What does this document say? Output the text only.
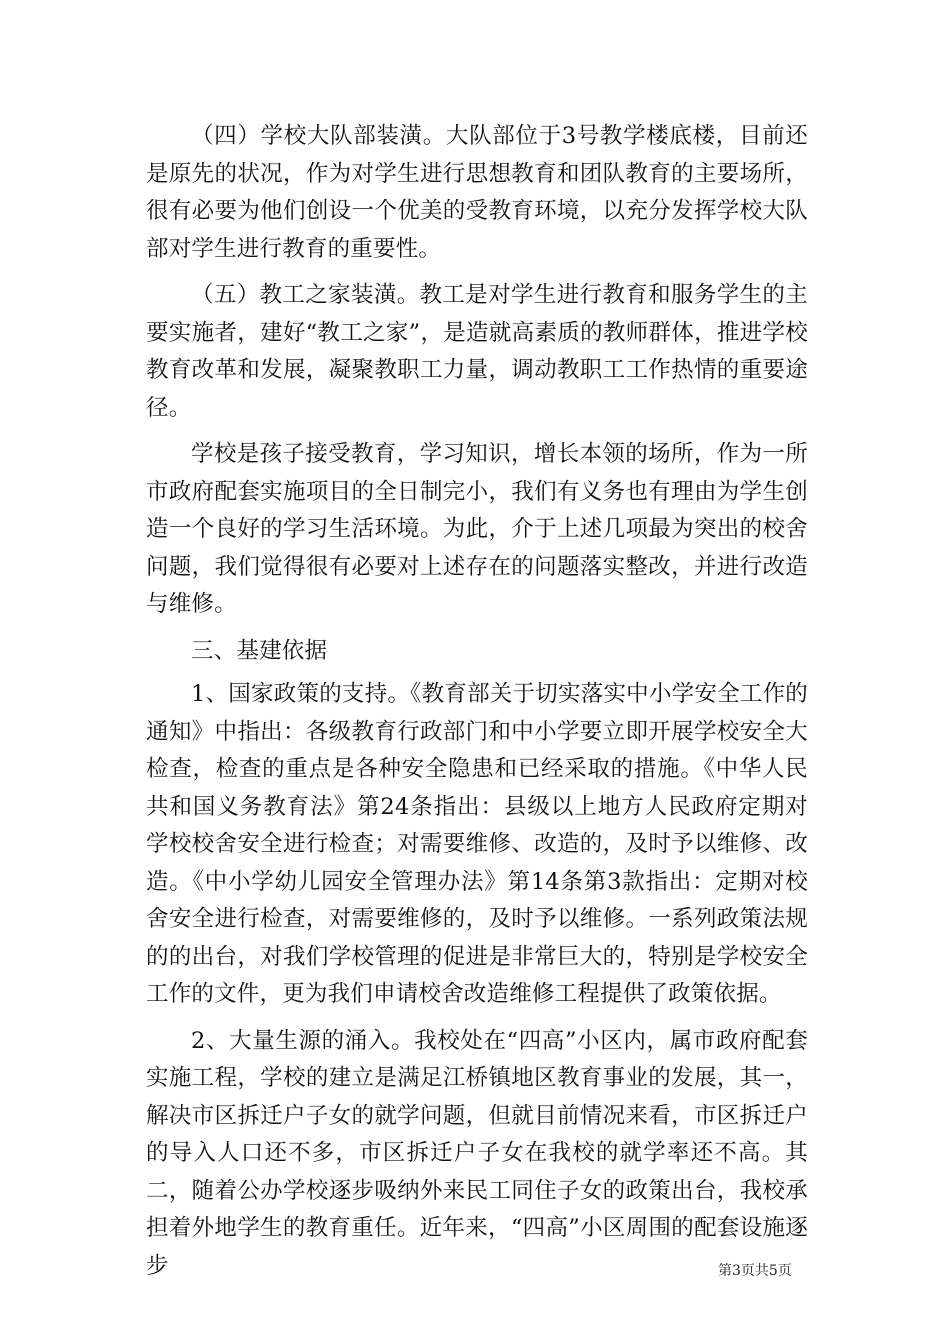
（四）学校大队部装潢。大队部位于3号教学楼底楼，目前还是原先的状况，作为对学生进行思想教育和团队教育的主要场所，很有必要为他们创设一个优美的受教育环境，以充分发挥学校大队部对学生进行教育的重要性。

（五）教工之家装潢。教工是对学生进行教育和服务学生的主要实施者，建好“教工之家”，是造就高素质的教师群体，推进学校教育改革和发展，凝聚教职工力量，调动教职工工作热情的重要途径。

学校是孩子接受教育，学习知识，增长本领的场所，作为一所市政府配套实施项目的全日制完小，我们有义务也有理由为学生创造一个良好的学习生活环境。为此，介于上述几项最为突出的校舍问题，我们觉得很有必要对上述存在的问题落实整改，并进行改造与维修。

三、基建依据

1、国家政策的支持。《教育部关于切实落实中小学安全工作的通知》中指出：各级教育行政部门和中小学要立即开展学校安全大检查，检查的重点是各种安全隐患和已经采取的措施。《中华人民共和国义务教育法》第24条指出：县级以上地方人民政府定期对学校校舍安全进行检查；对需要维修、改造的，及时予以维修、改造。《中小学幼儿园安全管理办法》第14条第3款指出：定期对校舍安全进行检查，对需要维修的，及时予以维修。一系列政策法规的的出台，对我们学校管理的促进是非常巨大的，特别是学校安全工作的文件，更为我们申请校舍改造维修工程提供了政策依据。

2、大量生源的涌入。我校处在“四高”小区内，属市政府配套实施工程，学校的建立是满足江桥镇地区教育事业的发展，其一，解决市区拆迁户子女的就学问题，但就目前情况来看，市区拆迁户的导入人口还不多，市区拆迁户子女在我校的就学率还不高。其二，随着公办学校逐步吸纳外来民工同住子女的政策出台，我校承担着外地学生的教育重任。近年来，“四高”小区周围的配套设施逐步	第3页共5页
